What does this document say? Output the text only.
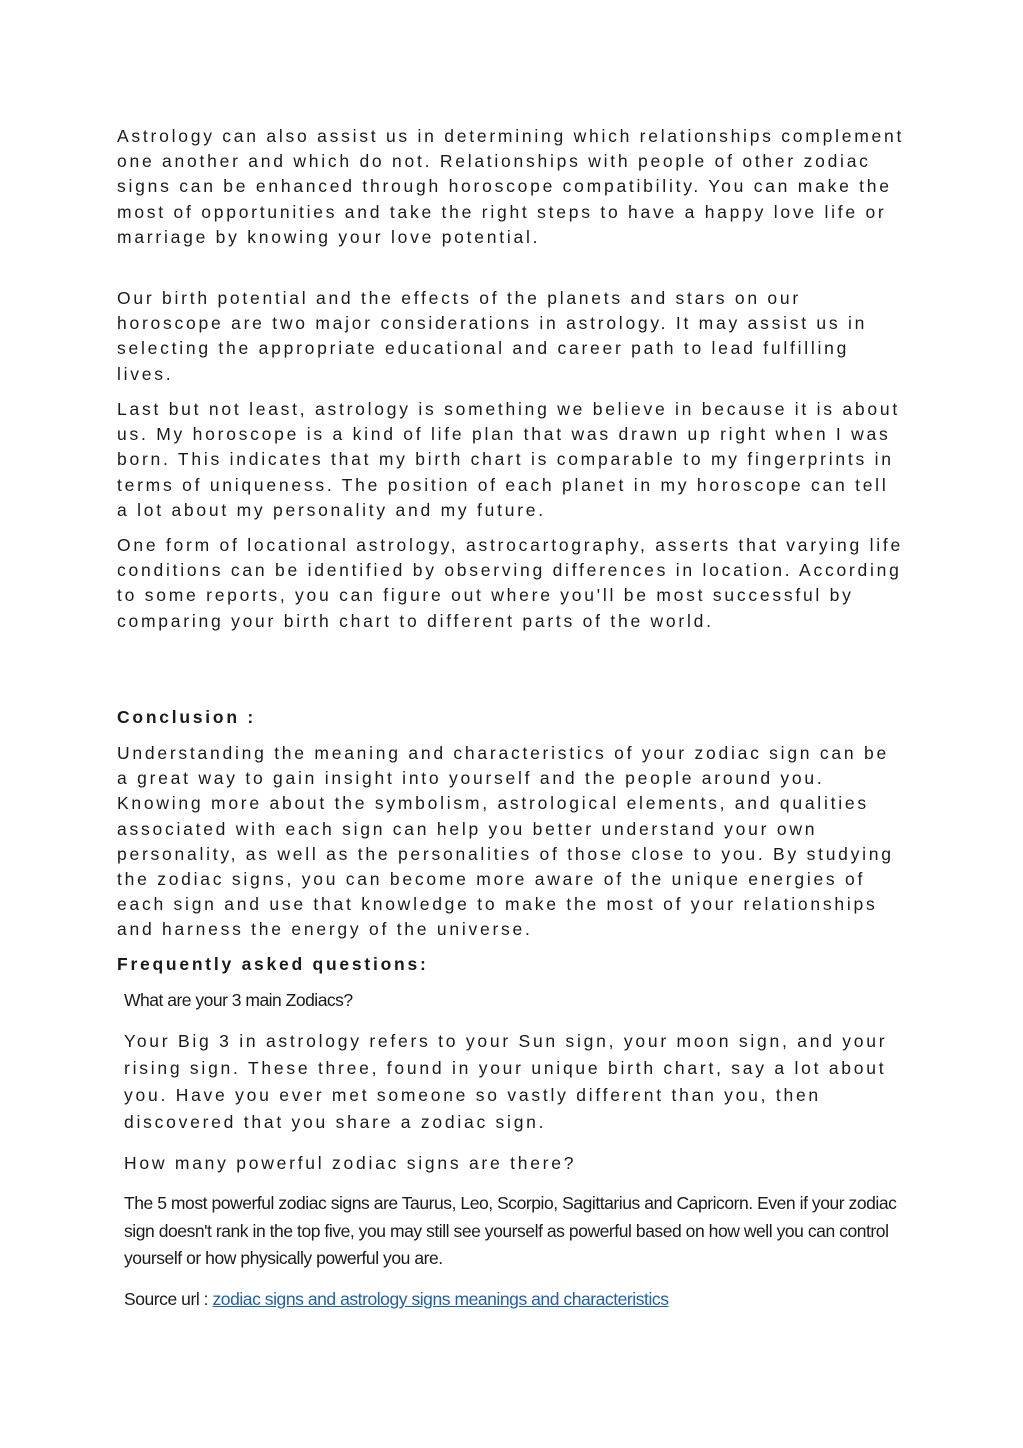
Astrology can also assist us in determining which relationships complement one another and which do not. Relationships with people of other zodiac signs can be enhanced through horoscope compatibility. You can make the most of opportunities and take the right steps to have a happy love life or marriage by knowing your love potential.

Our birth potential and the effects of the planets and stars on our horoscope are two major considerations in astrology. It may assist us in selecting the appropriate educational and career path to lead fulfilling lives.

Last but not least, astrology is something we believe in because it is about us. My horoscope is a kind of life plan that was drawn up right when I was born. This indicates that my birth chart is comparable to my fingerprints in terms of uniqueness. The position of each planet in my horoscope can tell a lot about my personality and my future.

One form of locational astrology, astrocartography, asserts that varying life conditions can be identified by observing differences in location. According to some reports, you can figure out where you'll be most successful by comparing your birth chart to different parts of the world.

Conclusion :

Understanding the meaning and characteristics of your zodiac sign can be a great way to gain insight into yourself and the people around you. Knowing more about the symbolism, astrological elements, and qualities associated with each sign can help you better understand your own personality, as well as the personalities of those close to you. By studying the zodiac signs, you can become more aware of the unique energies of each sign and use that knowledge to make the most of your relationships and harness the energy of the universe.

Frequently asked questions:

What are your 3 main Zodiacs?

Your Big 3 in astrology refers to your Sun sign, your moon sign, and your rising sign. These three, found in your unique birth chart, say a lot about you. Have you ever met someone so vastly different than you, then discovered that you share a zodiac sign.

How many powerful zodiac signs are there?

The 5 most powerful zodiac signs are Taurus, Leo, Scorpio, Sagittarius and Capricorn. Even if your zodiac sign doesn't rank in the top five, you may still see yourself as powerful based on how well you can control yourself or how physically powerful you are.

Source url : zodiac signs and astrology signs meanings and characteristics
